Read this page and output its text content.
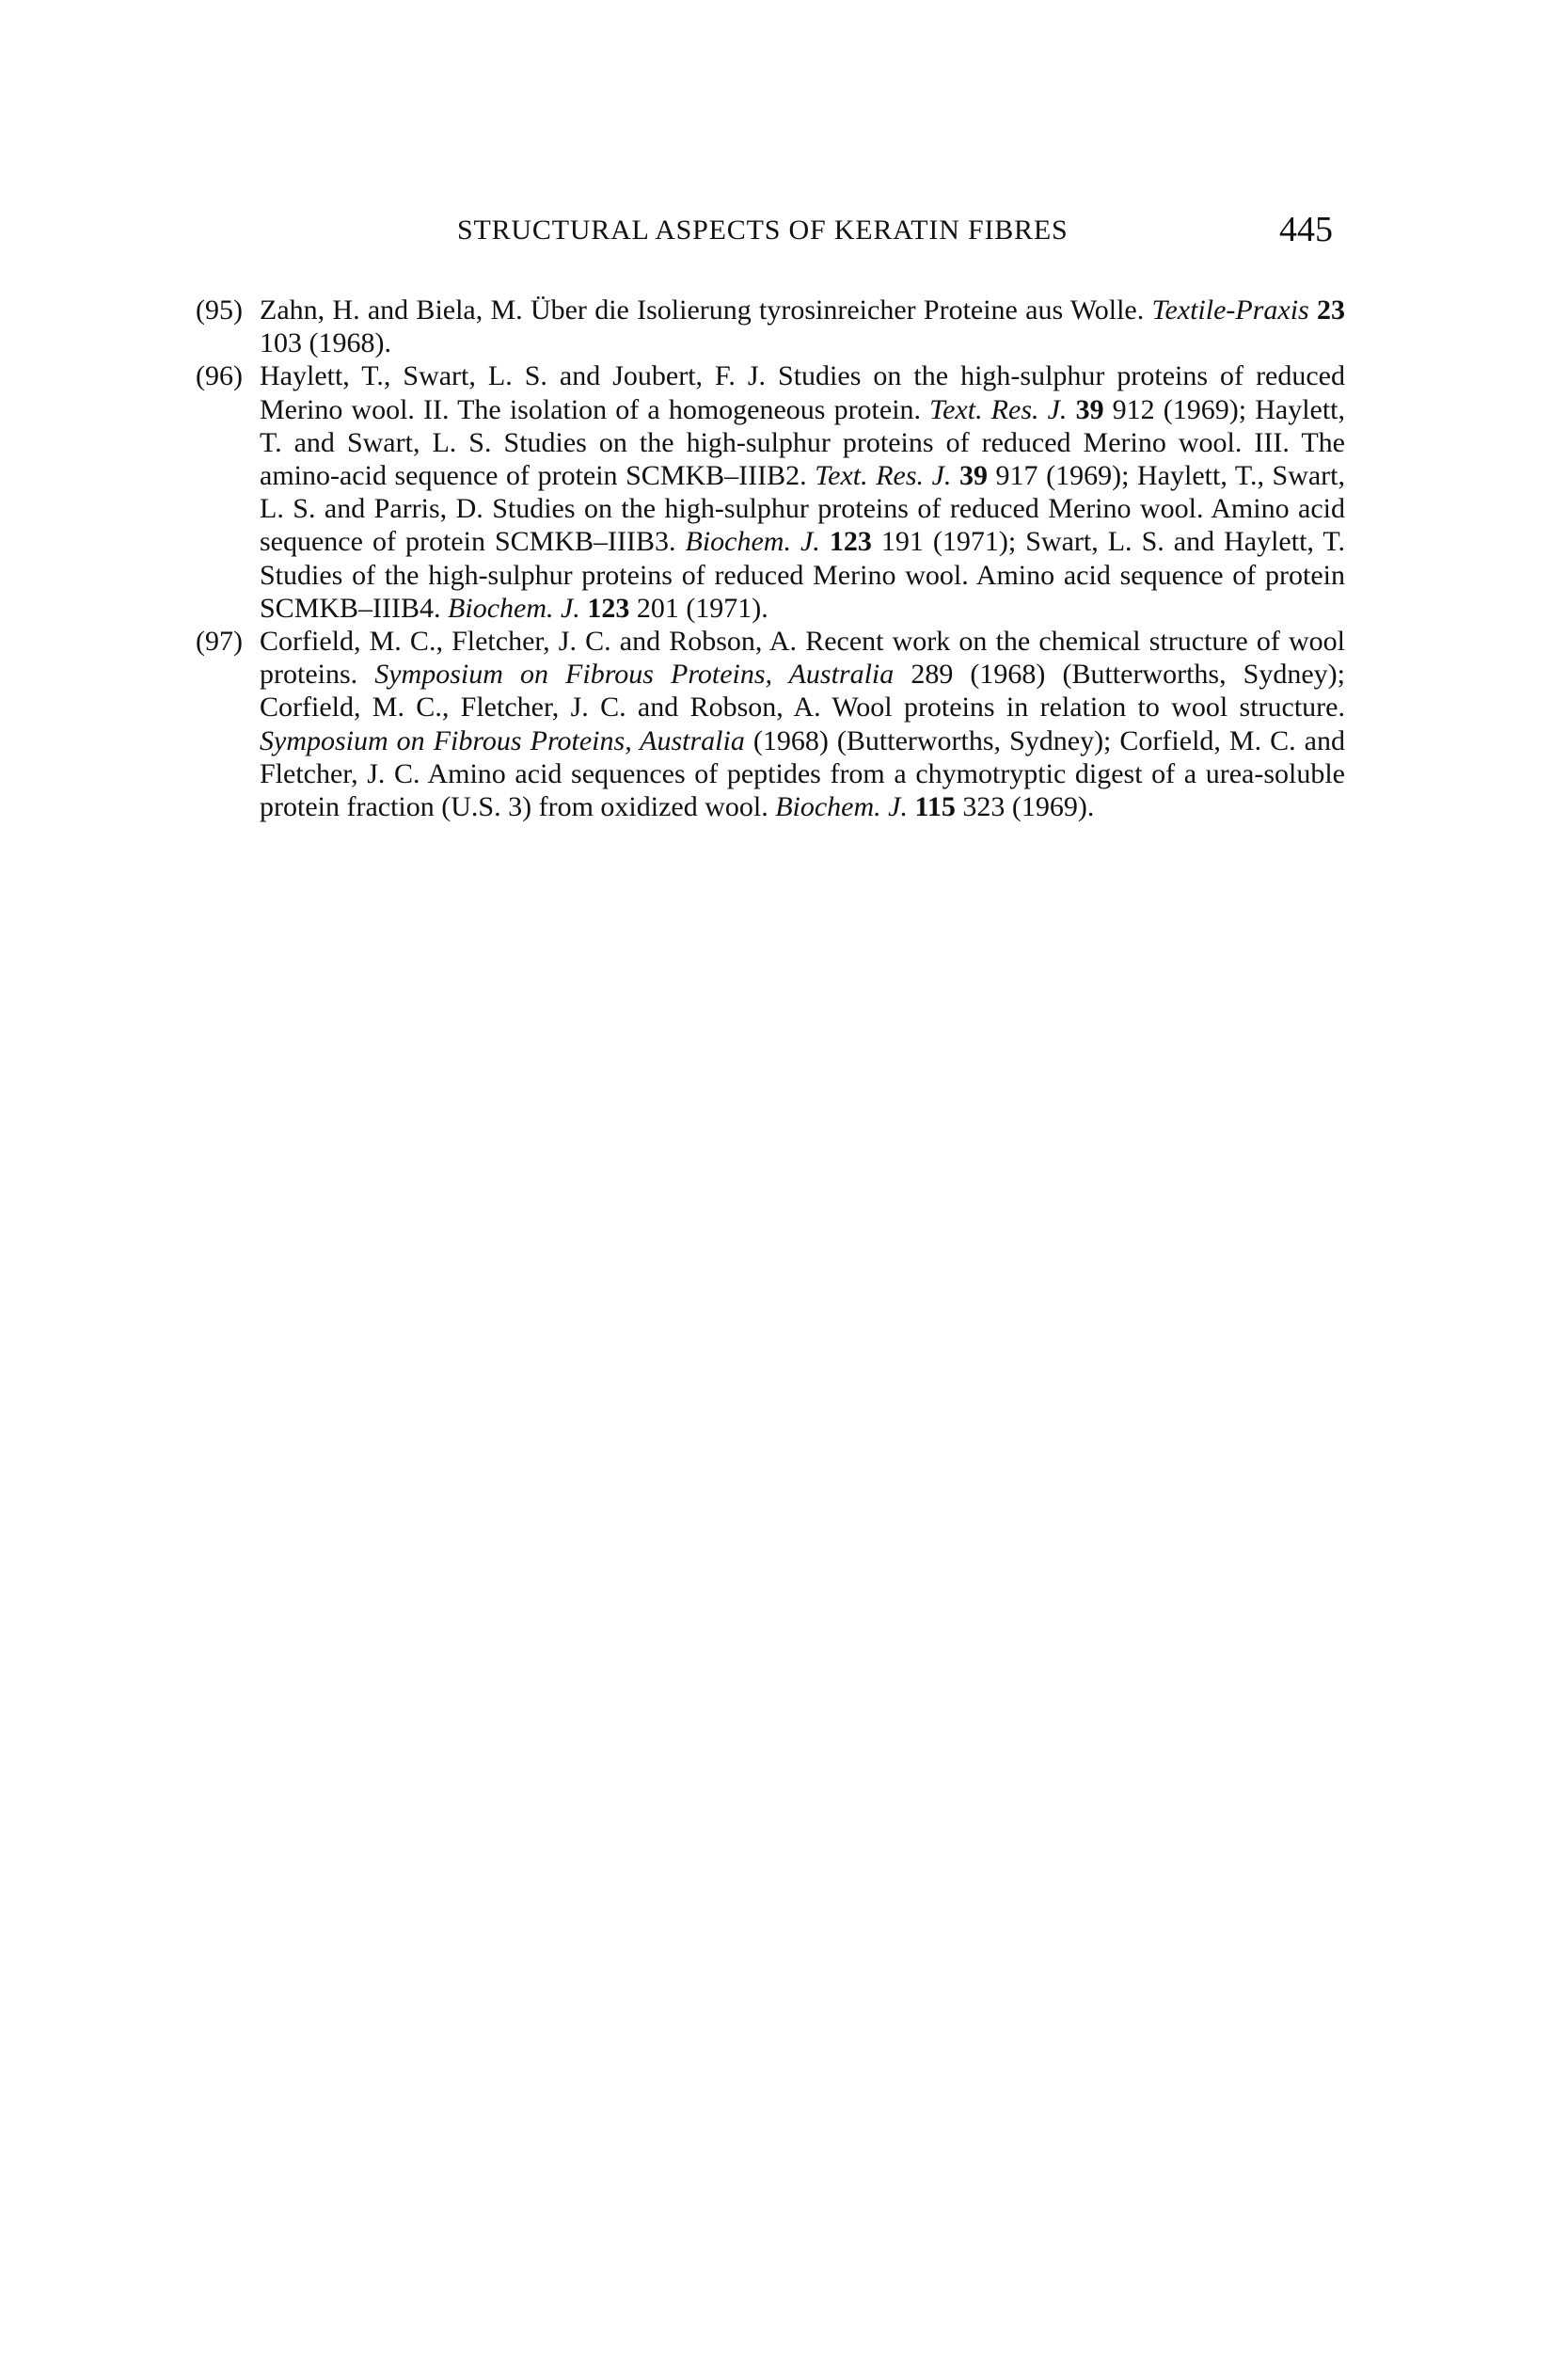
STRUCTURAL ASPECTS OF KERATIN FIBRES	445
(95) Zahn, H. and Biela, M. Über die Isolierung tyrosinreicher Proteine aus Wolle. Textile-Praxis 23 103 (1968).
(96) Haylett, T., Swart, L. S. and Joubert, F. J. Studies on the high-sulphur proteins of reduced Merino wool. II. The isolation of a homogeneous protein. Text. Res. J. 39 912 (1969); Haylett, T. and Swart, L. S. Studies on the high-sulphur proteins of reduced Merino wool. III. The amino-acid sequence of protein SCMKB–IIIB2. Text. Res. J. 39 917 (1969); Haylett, T., Swart, L. S. and Parris, D. Studies on the high-sulphur proteins of reduced Merino wool. Amino acid sequence of protein SCMKB–IIIB3. Biochem. J. 123 191 (1971); Swart, L. S. and Haylett, T. Studies of the high-sulphur proteins of reduced Merino wool. Amino acid sequence of protein SCMKB–IIIB4. Biochem. J. 123 201 (1971).
(97) Corfield, M. C., Fletcher, J. C. and Robson, A. Recent work on the chemical structure of wool proteins. Symposium on Fibrous Proteins, Australia 289 (1968) (Butterworths, Sydney); Corfield, M. C., Fletcher, J. C. and Robson, A. Wool proteins in relation to wool structure. Symposium on Fibrous Proteins, Australia (1968) (Butterworths, Sydney); Corfield, M. C. and Fletcher, J. C. Amino acid sequences of peptides from a chymotryptic digest of a urea-soluble protein fraction (U.S. 3) from oxidized wool. Biochem. J. 115 323 (1969).
